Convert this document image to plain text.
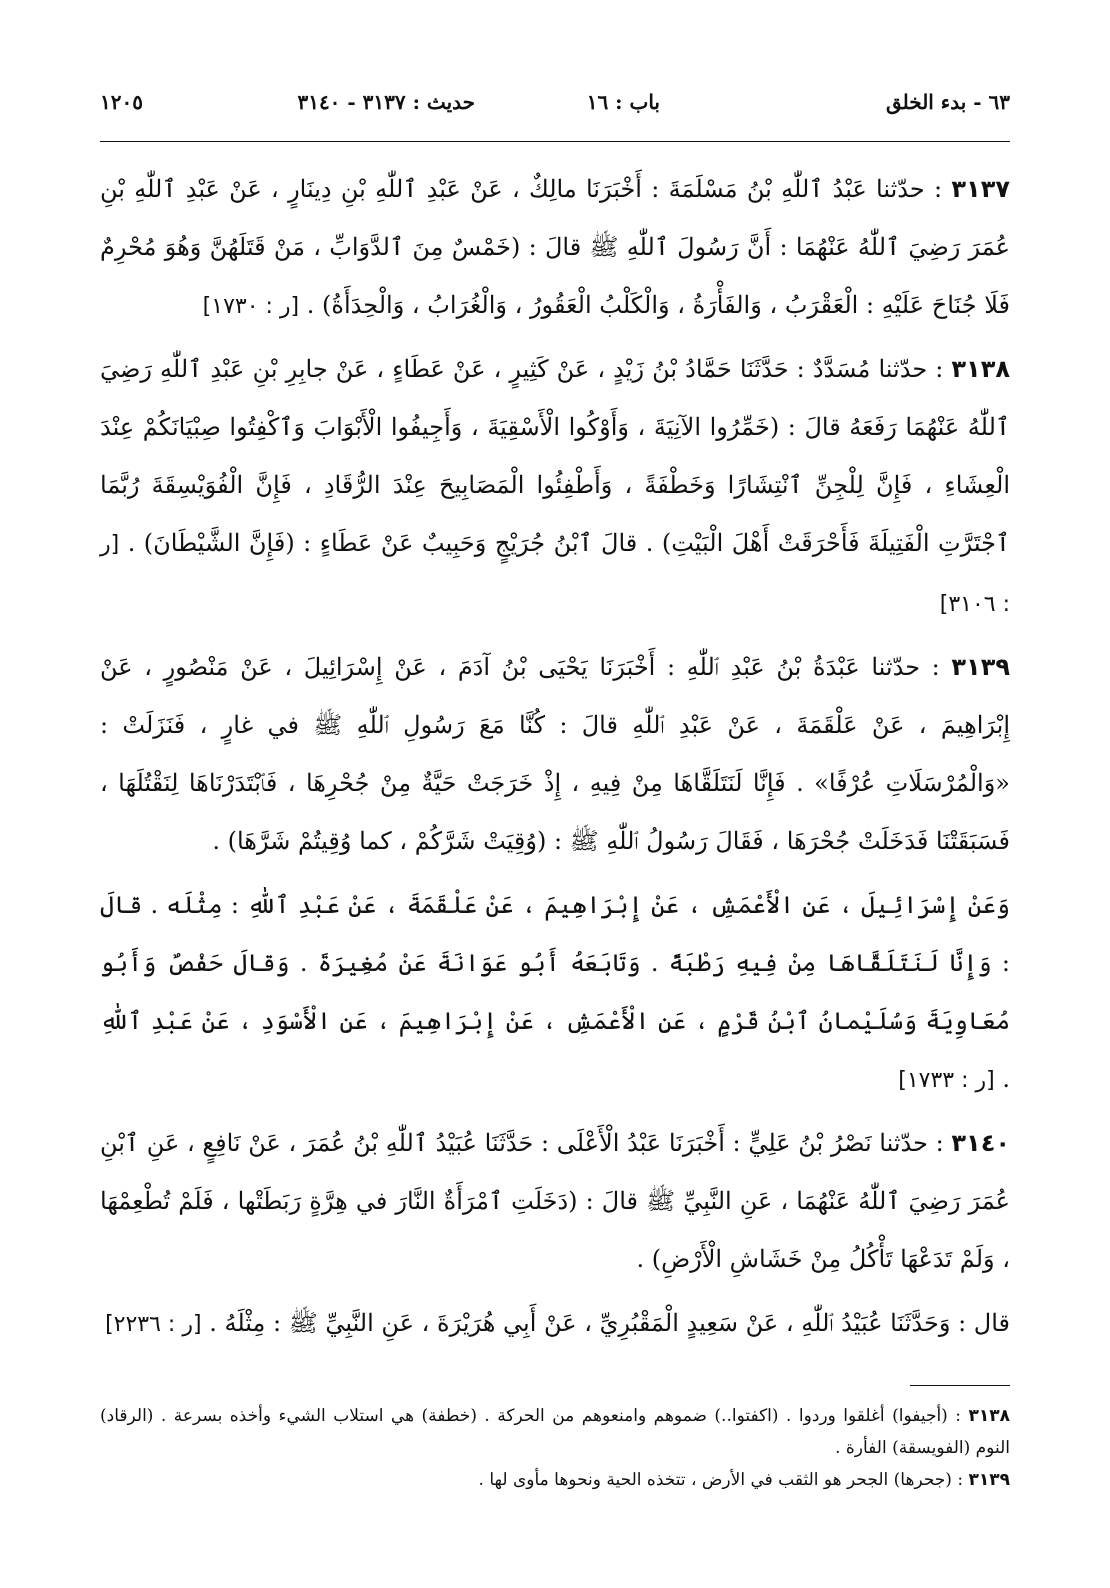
٦٣ - بدء الخلق
باب : ١٦
حديث : ٣١٣٧ - ٣١٤٠
١٢٠٥

٣١٣٧ : حدّثنا عَبْدُ ٱللّٰهِ بْنُ مَسْلَمَةَ : أَخْبَرَنَا مالِكٌ ، عَنْ عَبْدِ ٱللّٰهِ بْنِ دِينَارٍ ، عَنْ عَبْدِ ٱللّٰهِ بْنِ عُمَرَ رَضِيَ ٱللّٰهُ عَنْهُمَا : أَنَّ رَسُولَ ٱللّٰهِ ﷺ قالَ : (خَمْسٌ مِنَ ٱلدَّوَابِّ ، مَنْ قَتَلَهُنَّ وَهُوَ مُحْرِمٌ فَلَا جُنَاحَ عَلَيْهِ : الْعَقْرَبُ ، وَالفَأْرَةُ ، وَالْكَلْبُ الْعَقُورُ ، وَالْغُرَابُ ، وَالْحِدَأَةُ) . [ر : ١٧٣٠]

٣١٣٨ : حدّثنا مُسَدَّدٌ : حَدَّثَنَا حَمَّادُ بْنُ زَيْدٍ ، عَنْ كَثِيرٍ ، عَنْ عَطَاءٍ ، عَنْ جابِرِ بْنِ عَبْدِ ٱللّٰهِ رَضِيَ ٱللّٰهُ عَنْهُمَا رَفَعَهُ قالَ : (خَمِّرُوا الآنِيَةَ ، وَأَوْكُوا الْأَسْقِيَةَ ، وَأَجِيفُوا الْأَبْوَابَ وَٱكْفِتُوا صِبْيَانَكُمْ عِنْدَ الْعِشَاءِ ، فَإِنَّ لِلْجِنِّ ٱنْتِشَارًا وَخَطْفَةً ، وَأَطْفِئُوا الْمَصَابِيحَ عِنْدَ الرُّقَادِ ، فَإِنَّ الْفُوَيْسِقَةَ رُبَّمَا ٱجْتَرَّتِ الْفَتِيلَةَ فَأَحْرَقَتْ أَهْلَ الْبَيْتِ) . قالَ ٱبْنُ جُرَيْجٍ وَحَبِيبٌ عَنْ عَطَاءٍ : (فَإِنَّ الشَّيْطَانَ) . [ر : ٣١٠٦]

٣١٣٩ : حدّثنا عَبْدَةُ بْنُ عَبْدِ ٱللّٰهِ : أَخْبَرَنَا يَحْيَى بْنُ آدَمَ ، عَنْ إِسْرَائِيلَ ، عَنْ مَنْصُورٍ ، عَنْ إِبْرَاهِيمَ ، عَنْ عَلْقَمَةَ ، عَنْ عَبْدِ ٱللّٰهِ قالَ : كُنَّا مَعَ رَسُولِ ٱللّٰهِ ﷺ في غارٍ ، فَنَزَلَتْ : «وَالْمُرْسَلَاتِ عُرْفًا» . فَإِنَّا لَنَتَلَقَّاهَا مِنْ فِيهِ ، إِذْ خَرَجَتْ حَيَّةٌ مِنْ جُحْرِهَا ، فَٱبْتَدَرْنَاهَا لِنَقْتُلَهَا ، فَسَبَقَتْنَا فَدَخَلَتْ جُحْرَهَا ، فَقَالَ رَسُولُ ٱللّٰهِ ﷺ : (وُقِيَتْ شَرَّكُمْ ، كما وُقِيتُمْ شَرَّهَا) .

وَعَنْ إِسْرَائِيلَ ، عَنِ الْأَعْمَشِ ، عَنْ إِبْرَاهِيمَ ، عَنْ عَلْقَمَةَ ، عَنْ عَبْدِ ٱللّٰهِ : مِثْلَه . قالَ : وَإِنَّا لَنَتَلَقَّاهَا مِنْ فِيهِ رَطْبَةً . وَتَابَعَهُ أَبُو عَوَانَةَ عَنْ مُغِيرَةَ . وَقالَ حَفْصٌ وَأَبُو مُعَاوِيَةَ وَسُلَيْمانُ ٱبْنُ قَرْمٍ ، عَنِ الْأَعْمَشِ ، عَنْ إِبْرَاهِيمَ ، عَنِ الْأَسْوَدِ ، عَنْ عَبْدِ ٱللّٰهِ . [ر : ١٧٣٣]

٣١٤٠ : حدّثنا نَصْرُ بْنُ عَلِيٍّ : أَخْبَرَنَا عَبْدُ الْأَعْلَى : حَدَّثَنَا عُبَيْدُ ٱللّٰهِ بْنُ عُمَرَ ، عَنْ نَافِعٍ ، عَنِ ٱبْنِ عُمَرَ رَضِيَ ٱللّٰهُ عَنْهُمَا ، عَنِ النَّبِيِّ ﷺ قالَ : (دَخَلَتِ ٱمْرَأَةٌ النَّارَ في هِرَّةٍ رَبَطَتْها ، فَلَمْ تُطْعِمْهَا ، وَلَمْ تَدَعْهَا تَأْكُلُ مِنْ خَشَاشِ الْأَرْضِ) .

قال : وَحَدَّثَنَا عُبَيْدُ ٱللّٰهِ ، عَنْ سَعِيدٍ الْمَقْبُرِيِّ ، عَنْ أَبِي هُرَيْرَةَ ، عَنِ النَّبِيِّ ﷺ : مِثْلَهُ . [ر : ٢٢٣٦]

٣١٣٨ : (أجيفوا) أغلقوا وردوا . (اكفتوا..) ضموهم وامنعوهم من الحركة . (خطفة) هي استلاب الشيء وأخذه بسرعة . (الرقاد) النوم (الفويسقة) الفأرة .

٣١٣٩ : (جحرها) الجحر هو الثقب في الأرض ، تتخذه الحية ونحوها مأوى لها .
